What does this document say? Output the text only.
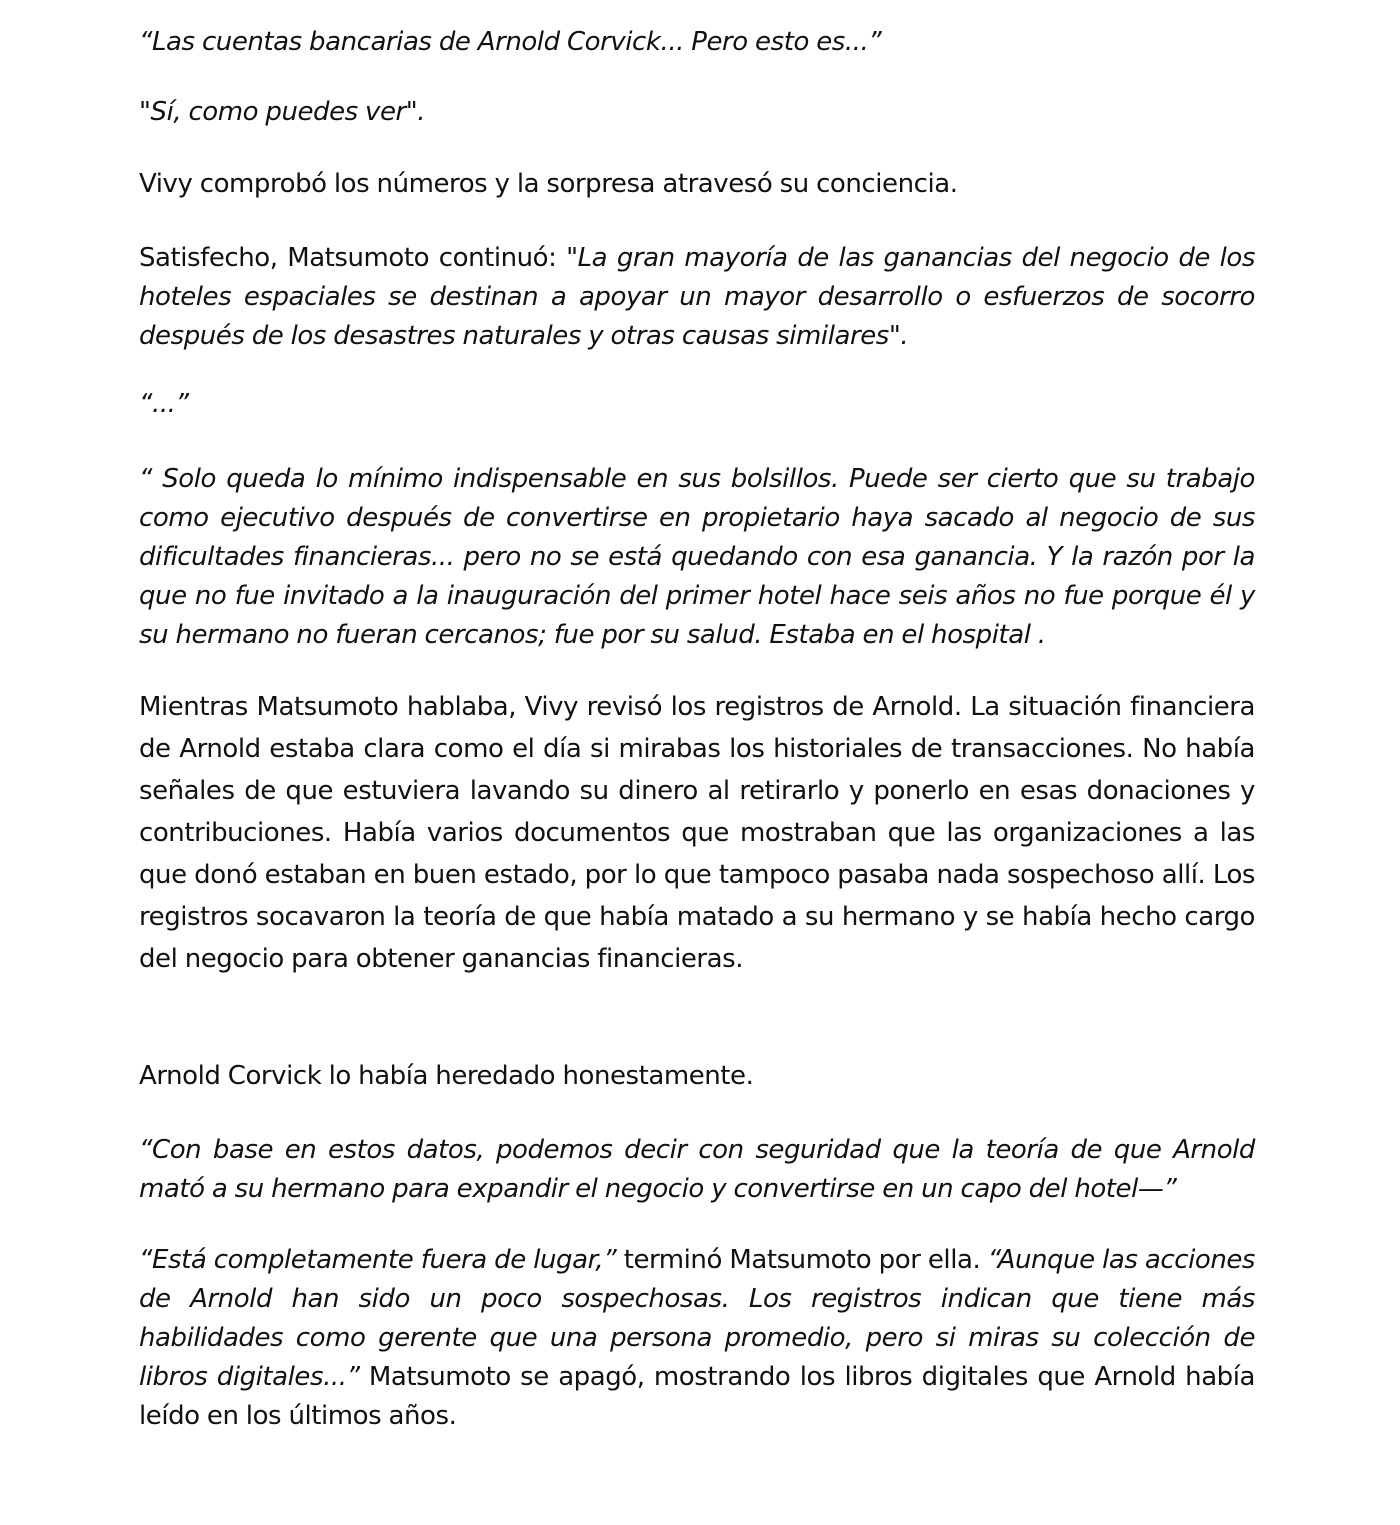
“Las cuentas bancarias de Arnold Corvick... Pero esto es...”

"Sí, como puedes ver".

Vivy comprobó los números y la sorpresa atravesó su conciencia.

Satisfecho, Matsumoto continuó: "La gran mayoría de las ganancias del negocio de los hoteles espaciales se destinan a apoyar un mayor desarrollo o esfuerzos de socorro después de los desastres naturales y otras causas similares".

“...”

“ Solo queda lo mínimo indispensable en sus bolsillos. Puede ser cierto que su trabajo como ejecutivo después de convertirse en propietario haya sacado al negocio de sus dificultades financieras... pero no se está quedando con esa ganancia. Y la razón por la que no fue invitado a la inauguración del primer hotel hace seis años no fue porque él y su hermano no fueran cercanos; fue por su salud. Estaba en el hospital .

Mientras Matsumoto hablaba, Vivy revisó los registros de Arnold. La situación financiera de Arnold estaba clara como el día si mirabas los historiales de transacciones. No había señales de que estuviera lavando su dinero al retirarlo y ponerlo en esas donaciones y contribuciones. Había varios documentos que mostraban que las organizaciones a las que donó estaban en buen estado, por lo que tampoco pasaba nada sospechoso allí. Los registros socavaron la teoría de que había matado a su hermano y se había hecho cargo del negocio para obtener ganancias financieras.

Arnold Corvick lo había heredado honestamente.

“Con base en estos datos, podemos decir con seguridad que la teoría de que Arnold mató a su hermano para expandir el negocio y convertirse en un capo del hotel—”

“Está completamente fuera de lugar,” terminó Matsumoto por ella. “Aunque las acciones de Arnold han sido un poco sospechosas. Los registros indican que tiene más habilidades como gerente que una persona promedio, pero si miras su colección de libros digitales...” Matsumoto se apagó, mostrando los libros digitales que Arnold había leído en los últimos años.
